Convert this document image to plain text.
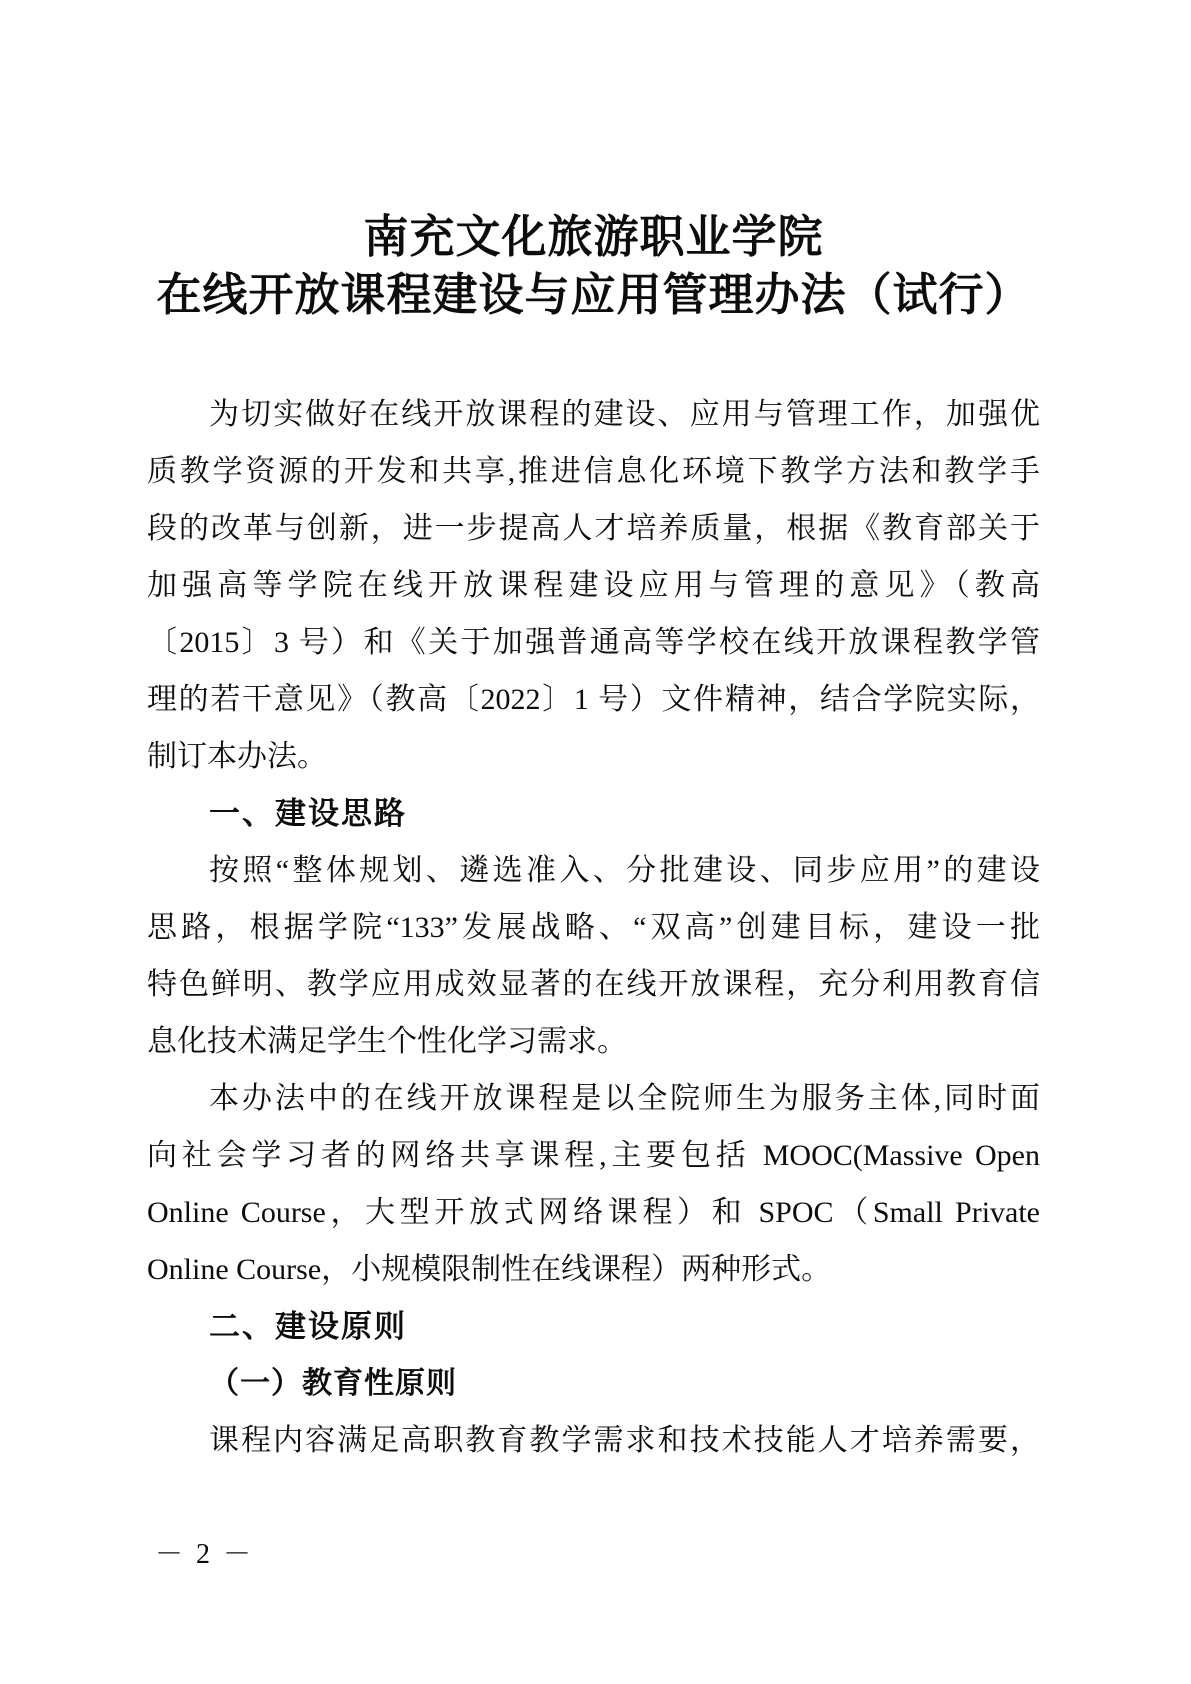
南充文化旅游职业学院
在线开放课程建设与应用管理办法（试行）
为切实做好在线开放课程的建设、应用与管理工作，加强优
质教学资源的开发和共享,推进信息化环境下教学方法和教学手
段的改革与创新，进一步提高人才培养质量，根据《教育部关于
加强高等学院在线开放课程建设应用与管理的意见》（教高
〔2015〕3 号）和《关于加强普通高等学校在线开放课程教学管
理的若干意见》（教高〔2022〕1 号）文件精神，结合学院实际，
制订本办法。
一、建设思路
按照“整体规划、遴选准入、分批建设、同步应用”的建设
思路，根据学院“133”发展战略、“双高”创建目标，建设一批
特色鲜明、教学应用成效显著的在线开放课程，充分利用教育信
息化技术满足学生个性化学习需求。
本办法中的在线开放课程是以全院师生为服务主体,同时面
向社会学习者的网络共享课程,主要包括 MOOC(Massive Open
Online Course，大型开放式网络课程）和 SPOC（Small Private
Online Course，小规模限制性在线课程）两种形式。
二、建设原则
（一）教育性原则
课程内容满足高职教育教学需求和技术技能人才培养需要，
－ 2 －
